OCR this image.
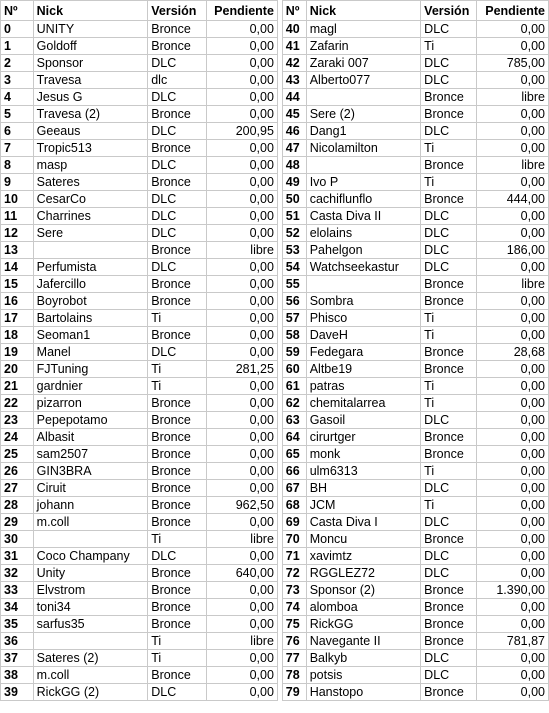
Nº	Nick	Versión	Pendiente		Nº	Nick	Versión	Pendiente
0	UNITY	Bronce	0,00		40	magl	DLC	0,00
1	Goldoff	Bronce	0,00		41	Zafarin	Ti	0,00
2	Sponsor	DLC	0,00		42	Zaraki 007	DLC	785,00
3	Travesa	dlc	0,00		43	Alberto077	DLC	0,00
4	Jesus G	DLC	0,00		44		Bronce	libre
5	Travesa (2)	Bronce	0,00		45	Sere (2)	Bronce	0,00
6	Geeaus	DLC	200,95		46	Dang1	DLC	0,00
7	Tropic513	Bronce	0,00		47	Nicolamilton	Ti	0,00
8	masp	DLC	0,00		48		Bronce	libre
9	Sateres	Bronce	0,00		49	Ivo P	Ti	0,00
10	CesarCo	DLC	0,00		50	cachiflunflo	Bronce	444,00
11	Charrines	DLC	0,00		51	Casta Diva II	DLC	0,00
12	Sere	DLC	0,00		52	elolains	DLC	0,00
13		Bronce	libre		53	Pahelgon	DLC	186,00
14	Perfumista	DLC	0,00		54	Watchseekastur	DLC	0,00
15	Jafercillo	Bronce	0,00		55		Bronce	libre
16	Boyrobot	Bronce	0,00		56	Sombra	Bronce	0,00
17	Bartolains	Ti	0,00		57	Phisco	Ti	0,00
18	Seoman1	Bronce	0,00		58	DaveH	Ti	0,00
19	Manel	DLC	0,00		59	Fedegara	Bronce	28,68
20	FJTuning	Ti	281,25		60	Altbe19	Bronce	0,00
21	gardnier	Ti	0,00		61	patras	Ti	0,00
22	pizarron	Bronce	0,00		62	chemitalarrea	Ti	0,00
23	Pepepotamo	Bronce	0,00		63	Gasoil	DLC	0,00
24	Albasit	Bronce	0,00		64	cirurtger	Bronce	0,00
25	sam2507	Bronce	0,00		65	monk	Bronce	0,00
26	GIN3BRA	Bronce	0,00		66	ulm6313	Ti	0,00
27	Ciruit	Bronce	0,00		67	BH	DLC	0,00
28	johann	Bronce	962,50		68	JCM	Ti	0,00
29	m.coll	Bronce	0,00		69	Casta Diva I	DLC	0,00
30		Ti	libre		70	Moncu	Bronce	0,00
31	Coco Champany	DLC	0,00		71	xavimtz	DLC	0,00
32	Unity	Bronce	640,00		72	RGGLEZ72	DLC	0,00
33	Elvstrom	Bronce	0,00		73	Sponsor (2)	Bronce	1.390,00
34	toni34	Bronce	0,00		74	alomboa	Bronce	0,00
35	sarfus35	Bronce	0,00		75	RickGG	Bronce	0,00
36		Ti	libre		76	Navegante II	Bronce	781,87
37	Sateres (2)	Ti	0,00		77	Balkyb	DLC	0,00
38	m.coll	Bronce	0,00		78	potsis	DLC	0,00
39	RickGG (2)	DLC	0,00		79	Hanstopo	Bronce	0,00
